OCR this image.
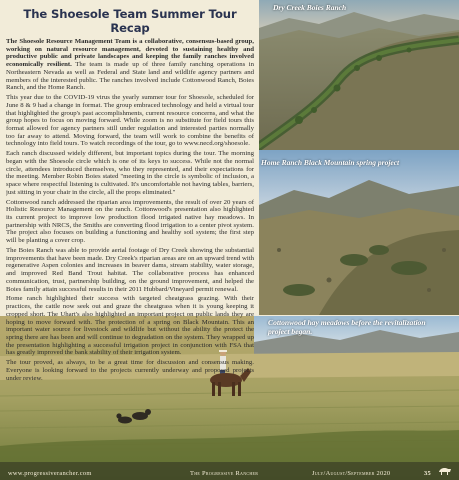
Dry Creek Boies Ranch
Home Ranch Black Mountain spring project
Cottonwood hay meadows before the revitalization project began.
www.progressiverancher.com	The Progressive Rancher	July/August/September 2020	35
The Shoesole Team Summer Tour Recap

The Shoesole Resource Management Team is a collaborative, consensus-based group, working on natural resource management, devoted to sustaining healthy and productive public and private landscapes and keeping the family ranches involved economically resilient. The team is made up of three family ranching operations in Northeastern Nevada as well as Federal and State land and wildlife agency partners and members of the interested public. The ranches involved include Cottonwood Ranch, Boies Ranch, and the Home Ranch.

This year due to the COVID-19 virus the yearly summer tour for Shoesole, scheduled for June 8 & 9 had a change in format. The group embraced technology and held a virtual tour that highlighted the group's past accomplishments, current resource concerns, and what the group hopes to focus on moving forward. While zoom is no substitute for field tours this format allowed for agency partners still under regulation and interested parties normally too far away to attend. Moving forward, the team will work to combine the benefits of technology into field tours. To watch recordings of the tour, go to www.necd.org/shoesole.

Each ranch discussed widely different, but important topics during the tour. The morning began with the Shoesole circle which is one of its keys to success. While not the normal circle, attendees introduced themselves, who they represented, and their expectations for the meeting. Member Robin Boies stated "meeting in the circle is symbolic of inclusion, a space where respectful listening is cultivated. It's uncomfortable not having tables, barriers, just sitting in your chair in the circle, all the props eliminated."

Cottonwood ranch addressed the riparian area improvements, the result of over 20 years of Holistic Resource Management on the ranch. Cottonwood's presentation also highlighted its current project to improve low production flood irrigated native hay meadows. In partnership with NRCS, the Smiths are converting flood irrigation to a center pivot system. The project also focuses on building a functioning and healthy soil system; the first step will be planting a cover crop.

The Boies Ranch was able to provide aerial footage of Dry Creek showing the substantial improvements that have been made. Dry Creek's riparian areas are on an upward trend with regenerative Aspen colonies and increases in beaver dams, stream stability, water storage, and improved Red Band Trout habitat. The collaborative process has enhanced communication, trust, partnership building, on the ground improvement, and helped the Boies family attain successful results in their 2011 Hubbard/Vineyard permit renewal.

Home ranch highlighted their success with targeted cheatgrass grazing. With their practices, the cattle now seek out and graze the cheatgrass when it is young keeping it cropped short. The Uhart's also highlighted an important project on public lands they are hoping to move forward with. The protection of a spring on Black Mountain. This an important water source for livestock and wildlife but without the ability the protect the spring there are has been and will continue to degradation on the system. They wrapped up the presentation highlighting a successful irrigation project in conjunction with FSA that has greatly improved the bank stability of their irrigation system.

The tour proved, as always, to be a great time for discussion and consensus making. Everyone is looking forward to the projects currently underway and proposed projects under review.
